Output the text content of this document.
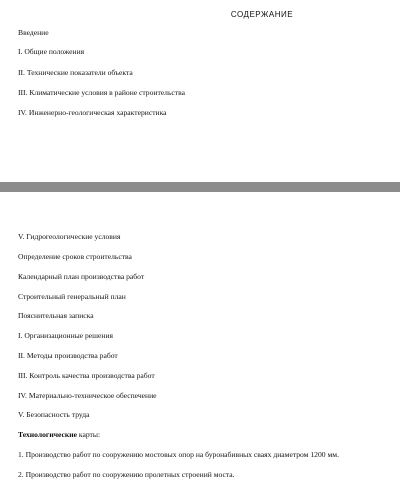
СОДЕРЖАНИЕ
Введение
I. Общие положения
II. Технические показатели объекта
III. Климатические условия в районе строительства
IV. Инженерно-геологическая характеристика
V. Гидрогеологические условия
Определение сроков строительства
Календарный план производства работ
Строительный генеральный план
Пояснительная записка
I. Организационные решения
II. Методы производства работ
III. Контроль качества производства работ
IV. Материально-техническое обеспечение
V. Безопасность труда
Технологические карты:
1. Производство работ по сооружению мостовых опор на буронабивных сваях диаметром 1200 мм.
2. Производство работ по сооружению пролетных строений моста.
